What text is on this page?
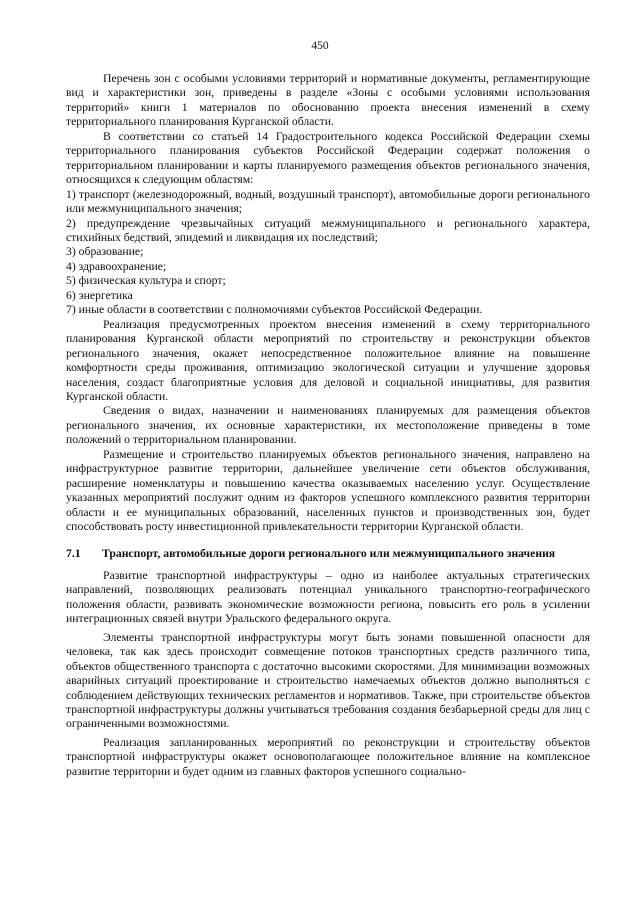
450

Перечень зон с особыми условиями территорий и нормативные документы, регламентирующие вид и характеристики зон, приведены в разделе «Зоны с особыми условиями использования территорий» книги 1 материалов по обоснованию проекта внесения изменений в схему территориального планирования Курганской области.

В соответствии со статьей 14 Градостроительного кодекса Российской Федерации схемы территориального планирования субъектов Российской Федерации содержат положения о территориальном планировании и карты планируемого размещения объектов регионального значения, относящихся к следующим областям:

1) транспорт (железнодорожный, водный, воздушный транспорт), автомобильные дороги регионального или межмуниципального значения;

2) предупреждение чрезвычайных ситуаций межмуниципального и регионального характера, стихийных бедствий, эпидемий и ликвидация их последствий;

3) образование;

4) здравоохранение;

5) физическая культура и спорт;

6) энергетика

7) иные области в соответствии с полномочиями субъектов Российской Федерации.

Реализация предусмотренных проектом внесения изменений в схему территориального планирования Курганской области мероприятий по строительству и реконструкции объектов регионального значения, окажет непосредственное положительное влияние на повышение комфортности среды проживания, оптимизацию экологической ситуации и улучшение здоровья населения, создаст благоприятные условия для деловой и социальной инициативы, для развития Курганской области.

Сведения о видах, назначении и наименованиях планируемых для размещения объектов регионального значения, их основные характеристики, их местоположение приведены в томе положений о территориальном планировании.

Размещение и строительство планируемых объектов регионального значения, направлено на инфраструктурное развитие территории, дальнейшее увеличение сети объектов обслуживания, расширение номенклатуры и повышению качества оказываемых населению услуг. Осуществление указанных мероприятий послужит одним из факторов успешного комплексного развития территории области и ее муниципальных образований, населенных пунктов и производственных зон, будет способствовать росту инвестиционной привлекательности территории Курганской области.

7.1	Транспорт, автомобильные дороги регионального или межмуниципального значения

Развитие транспортной инфраструктуры – одно из наиболее актуальных стратегических направлений, позволяющих реализовать потенциал уникального транспортно-географического положения области, развивать экономические возможности региона, повысить его роль в усилении интеграционных связей внутри Уральского федерального округа.

Элементы транспортной инфраструктуры могут быть зонами повышенной опасности для человека, так как здесь происходит совмещение потоков транспортных средств различного типа, объектов общественного транспорта с достаточно высокими скоростями. Для минимизации возможных аварийных ситуаций проектирование и строительство намечаемых объектов должно выполняться с соблюдением действующих технических регламентов и нормативов. Также, при строительстве объектов транспортной инфраструктуры должны учитываться требования создания безбарьерной среды для лиц с ограниченными возможностями.

Реализация запланированных мероприятий по реконструкции и строительству объектов транспортной инфраструктуры окажет основополагающее положительное влияние на комплексное развитие территории и будет одним из главных факторов успешного социально-
